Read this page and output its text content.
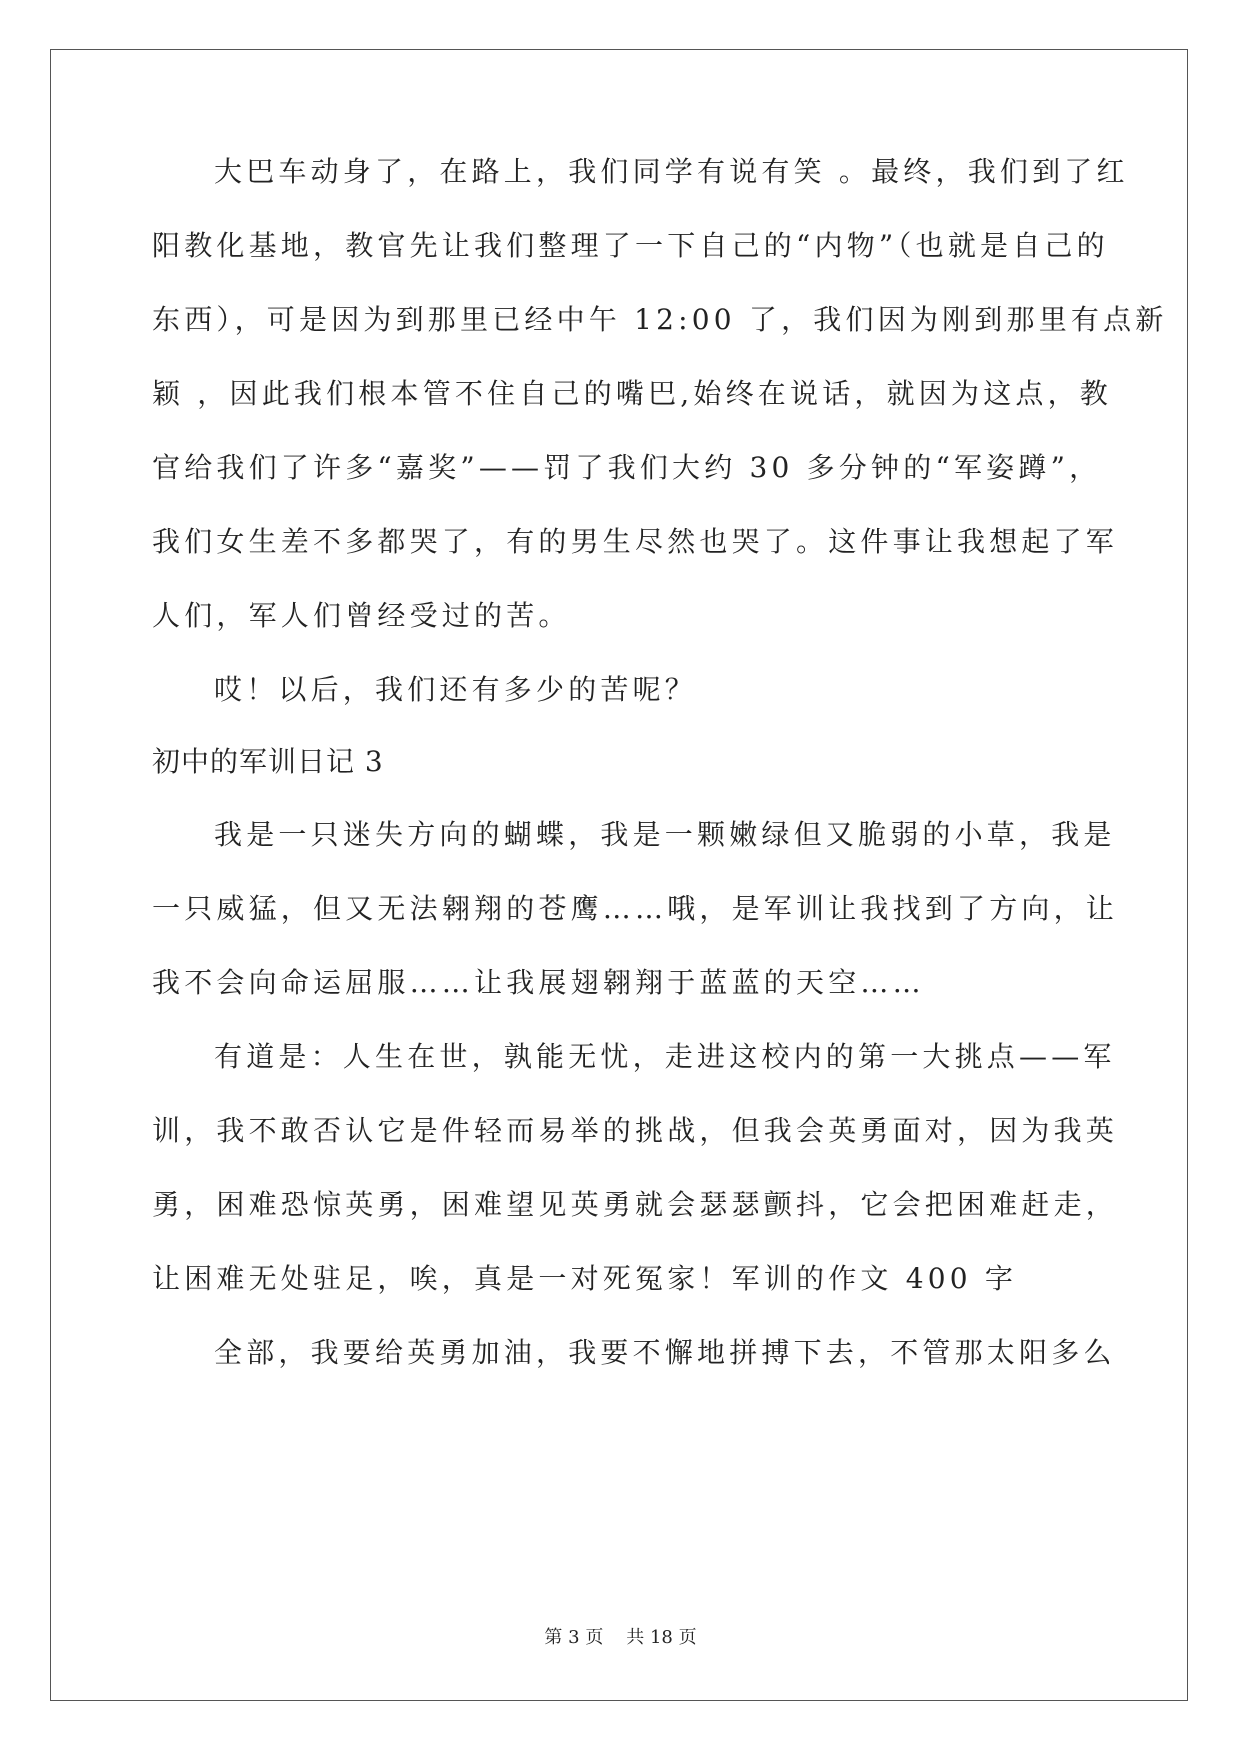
大巴车动身了，在路上，我们同学有说有笑 。最终，我们到了红
阳教化基地，教官先让我们整理了一下自己的“内物”（也就是自己的
东西），可是因为到那里已经中午 12:00 了，我们因为刚到那里有点新
颖 ，因此我们根本管不住自己的嘴巴,始终在说话，就因为这点，教
官给我们了许多“嘉奖”——罚了我们大约 30 多分钟的“军姿蹲”，
我们女生差不多都哭了，有的男生尽然也哭了。这件事让我想起了军
人们，军人们曾经受过的苦。
哎！以后，我们还有多少的苦呢？
初中的军训日记 3
我是一只迷失方向的蝴蝶，我是一颗嫩绿但又脆弱的小草，我是
一只威猛，但又无法翱翔的苍鹰……哦，是军训让我找到了方向，让
我不会向命运屈服……让我展翅翱翔于蓝蓝的天空……
有道是：人生在世，孰能无忧，走进这校内的第一大挑点——军
训，我不敢否认它是件轻而易举的挑战，但我会英勇面对，因为我英
勇，困难恐惊英勇，困难望见英勇就会瑟瑟颤抖，它会把困难赶走，
让困难无处驻足，唉，真是一对死冤家！军训的作文 400 字
全部，我要给英勇加油，我要不懈地拼搏下去，不管那太阳多么
第 3 页 共 18 页
